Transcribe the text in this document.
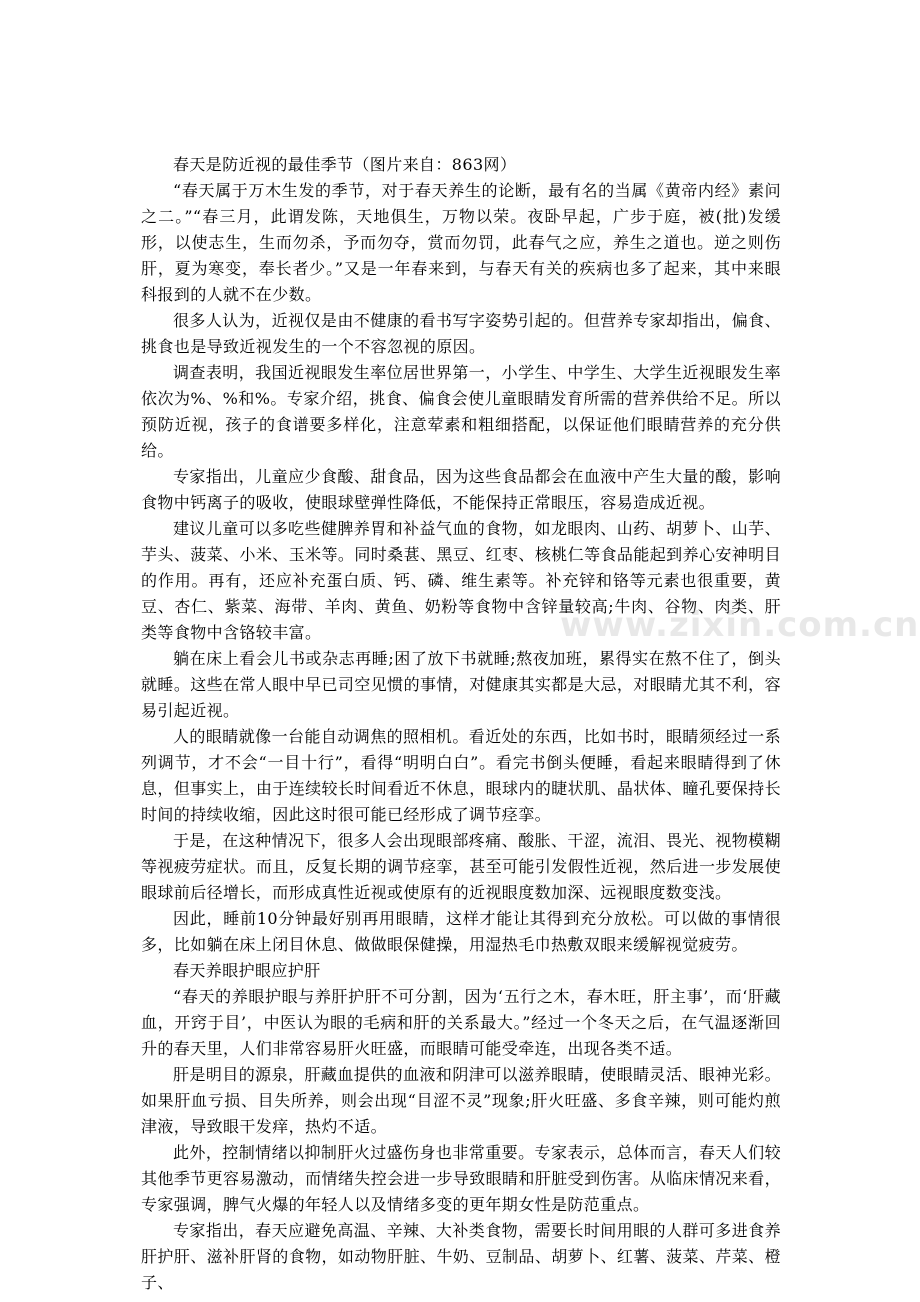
春天是防近视的最佳季节（图片来自：863网）

“春天属于万木生发的季节，对于春天养生的论断，最有名的当属《黄帝内经》素问之二。”“春三月，此谓发陈，天地俱生，万物以荣。夜卧早起，广步于庭，被(批)发缓形，以使志生，生而勿杀，予而勿夺，赏而勿罚，此春气之应，养生之道也。逆之则伤肝，夏为寒变，奉长者少。”又是一年春来到，与春天有关的疾病也多了起来，其中来眼科报到的人就不在少数。

很多人认为，近视仅是由不健康的看书写字姿势引起的。但营养专家却指出，偏食、挑食也是导致近视发生的一个不容忽视的原因。

调查表明，我国近视眼发生率位居世界第一，小学生、中学生、大学生近视眼发生率依次为%、%和%。专家介绍，挑食、偏食会使儿童眼睛发育所需的营养供给不足。所以预防近视，孩子的食谱要多样化，注意荤素和粗细搭配，以保证他们眼睛营养的充分供给。

专家指出，儿童应少食酸、甜食品，因为这些食品都会在血液中产生大量的酸，影响食物中钙离子的吸收，使眼球壁弹性降低，不能保持正常眼压，容易造成近视。

建议儿童可以多吃些健脾养胃和补益气血的食物，如龙眼肉、山药、胡萝卜、山芋、芋头、菠菜、小米、玉米等。同时桑葚、黑豆、红枣、核桃仁等食品能起到养心安神明目的作用。再有，还应补充蛋白质、钙、磷、维生素等。补充锌和铬等元素也很重要，黄豆、杏仁、紫菜、海带、羊肉、黄鱼、奶粉等食物中含锌量较高;牛肉、谷物、肉类、肝类等食物中含铬较丰富。

躺在床上看会儿书或杂志再睡;困了放下书就睡;熬夜加班，累得实在熬不住了，倒头就睡。这些在常人眼中早已司空见惯的事情，对健康其实都是大忌，对眼睛尤其不利，容易引起近视。

人的眼睛就像一台能自动调焦的照相机。看近处的东西，比如书时，眼睛须经过一系列调节，才不会“一目十行”，看得“明明白白”。看完书倒头便睡，看起来眼睛得到了休息，但事实上，由于连续较长时间看近不休息，眼球内的睫状肌、晶状体、瞳孔要保持长时间的持续收缩，因此这时很可能已经形成了调节痉挛。

于是，在这种情况下，很多人会出现眼部疼痛、酸胀、干涩，流泪、畏光、视物模糊等视疲劳症状。而且，反复长期的调节痉挛，甚至可能引发假性近视，然后进一步发展使眼球前后径增长，而形成真性近视或使原有的近视眼度数加深、远视眼度数变浅。

因此，睡前10分钟最好别再用眼睛，这样才能让其得到充分放松。可以做的事情很多，比如躺在床上闭目休息、做做眼保健操，用湿热毛巾热敷双眼来缓解视觉疲劳。

春天养眼护眼应护肝

“春天的养眼护眼与养肝护肝不可分割，因为‘五行之木，春木旺，肝主事’，而‘肝藏血，开窍于目’，中医认为眼的毛病和肝的关系最大。”经过一个冬天之后，在气温逐渐回升的春天里，人们非常容易肝火旺盛，而眼睛可能受牵连，出现各类不适。

肝是明目的源泉，肝藏血提供的血液和阴津可以滋养眼睛，使眼睛灵活、眼神光彩。如果肝血亏损、目失所养，则会出现“目涩不灵”现象;肝火旺盛、多食辛辣，则可能灼煎津液，导致眼干发痒，热灼不适。

此外，控制情绪以抑制肝火过盛伤身也非常重要。专家表示，总体而言，春天人们较其他季节更容易激动，而情绪失控会进一步导致眼睛和肝脏受到伤害。从临床情况来看，专家强调，脾气火爆的年轻人以及情绪多变的更年期女性是防范重点。

专家指出，春天应避免高温、辛辣、大补类食物，需要长时间用眼的人群可多进食养肝护肝、滋补肝肾的食物，如动物肝脏、牛奶、豆制品、胡萝卜、红薯、菠菜、芹菜、橙子、

www.zixin.com.cn
